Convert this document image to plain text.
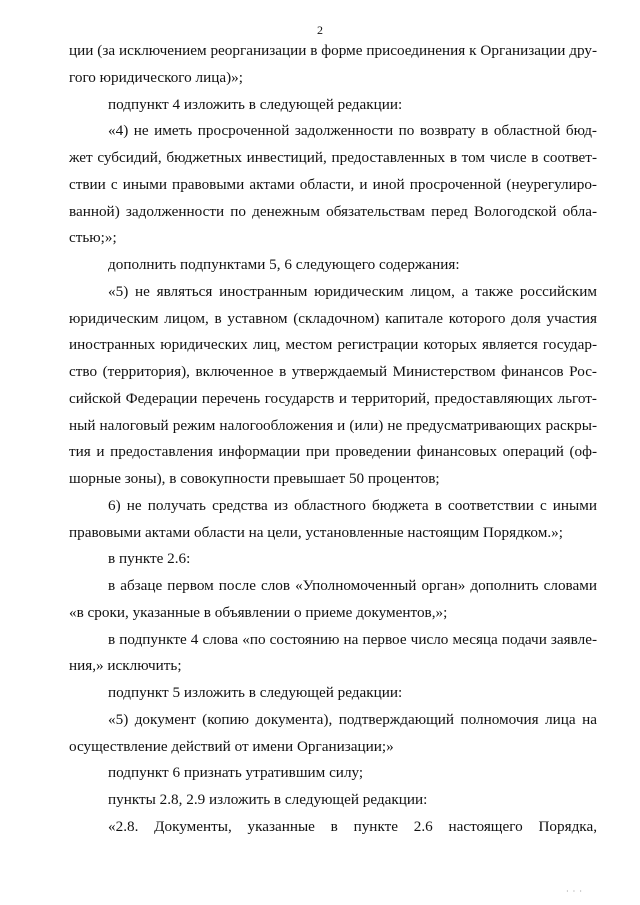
2

ции (за исключением реорганизации в форме присоединения к Организации дру-

гого юридического лица)»;

подпункт 4 изложить в следующей редакции:

«4) не иметь просроченной задолженности по возврату в областной бюд-

жет субсидий, бюджетных инвестиций, предоставленных в том числе в соответ-

ствии с иными правовыми актами области, и иной просроченной (неурегулиро-

ванной) задолженности по денежным обязательствам перед Вологодской обла-

стью;»;

дополнить подпунктами 5, 6 следующего содержания:

«5) не являться иностранным юридическим лицом, а также российским

юридическим лицом, в уставном (складочном) капитале которого доля участия

иностранных юридических лиц, местом регистрации которых является государ-

ство (территория), включенное в утверждаемый Министерством финансов Рос-

сийской Федерации перечень государств и территорий, предоставляющих льгот-

ный налоговый режим налогообложения и (или) не предусматривающих раскры-

тия и предоставления информации при проведении финансовых операций (оф-

шорные зоны), в совокупности превышает 50 процентов;

6) не получать средства из областного бюджета в соответствии с иными

правовыми актами области на цели, установленные настоящим Порядком.»;

в пункте 2.6:

в абзаце первом после слов «Уполномоченный орган» дополнить словами

«в сроки, указанные в объявлении о приеме документов,»;

в подпункте 4 слова «по состоянию на первое число месяца подачи заявле-

ния,» исключить;

подпункт 5 изложить в следующей редакции:

«5) документ (копию документа), подтверждающий полномочия лица на

осуществление действий от имени Организации;»

подпункт 6 признать утратившим силу;

пункты 2.8, 2.9 изложить в следующей редакции:

«2.8. Документы, указанные в пункте 2.6 настоящего Порядка,

· · ·
